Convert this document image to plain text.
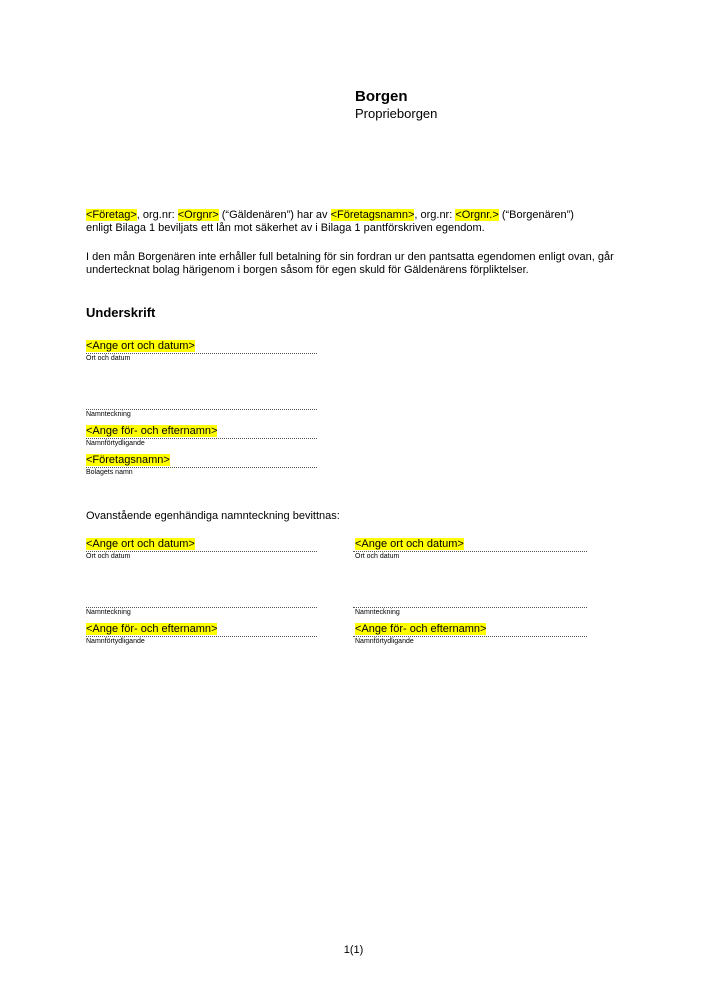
Borgen
Proprieborgen
<Företag>, org.nr: <Orgnr> (“Gäldenären”) har av <Företagsnamn>, org.nr: <Orgnr.> (“Borgenären”)
enligt Bilaga 1 beviljats ett lån mot säkerhet av i Bilaga 1 pantförskriven egendom.
I den mån Borgenären inte erhåller full betalning för sin fordran ur den pantsatta egendomen enligt ovan, går undertecknat bolag härigenom i borgen såsom för egen skuld för Gäldenärens förpliktelser.
Underskrift
<Ange ort och datum>
Ort och datum
Namnteckning
<Ange för- och efternamn>
Namnförtydligande
<Företagsnamn>
Bolagets namn
Ovanstående egenhändiga namnteckning bevittnas:
<Ange ort och datum>
Ort och datum
Namnteckning
<Ange för- och efternamn>
Namnförtydligande
<Ange ort och datum>
Ort och datum
Namnteckning
<Ange för- och efternamn>
Namnförtydligande
1(1)
